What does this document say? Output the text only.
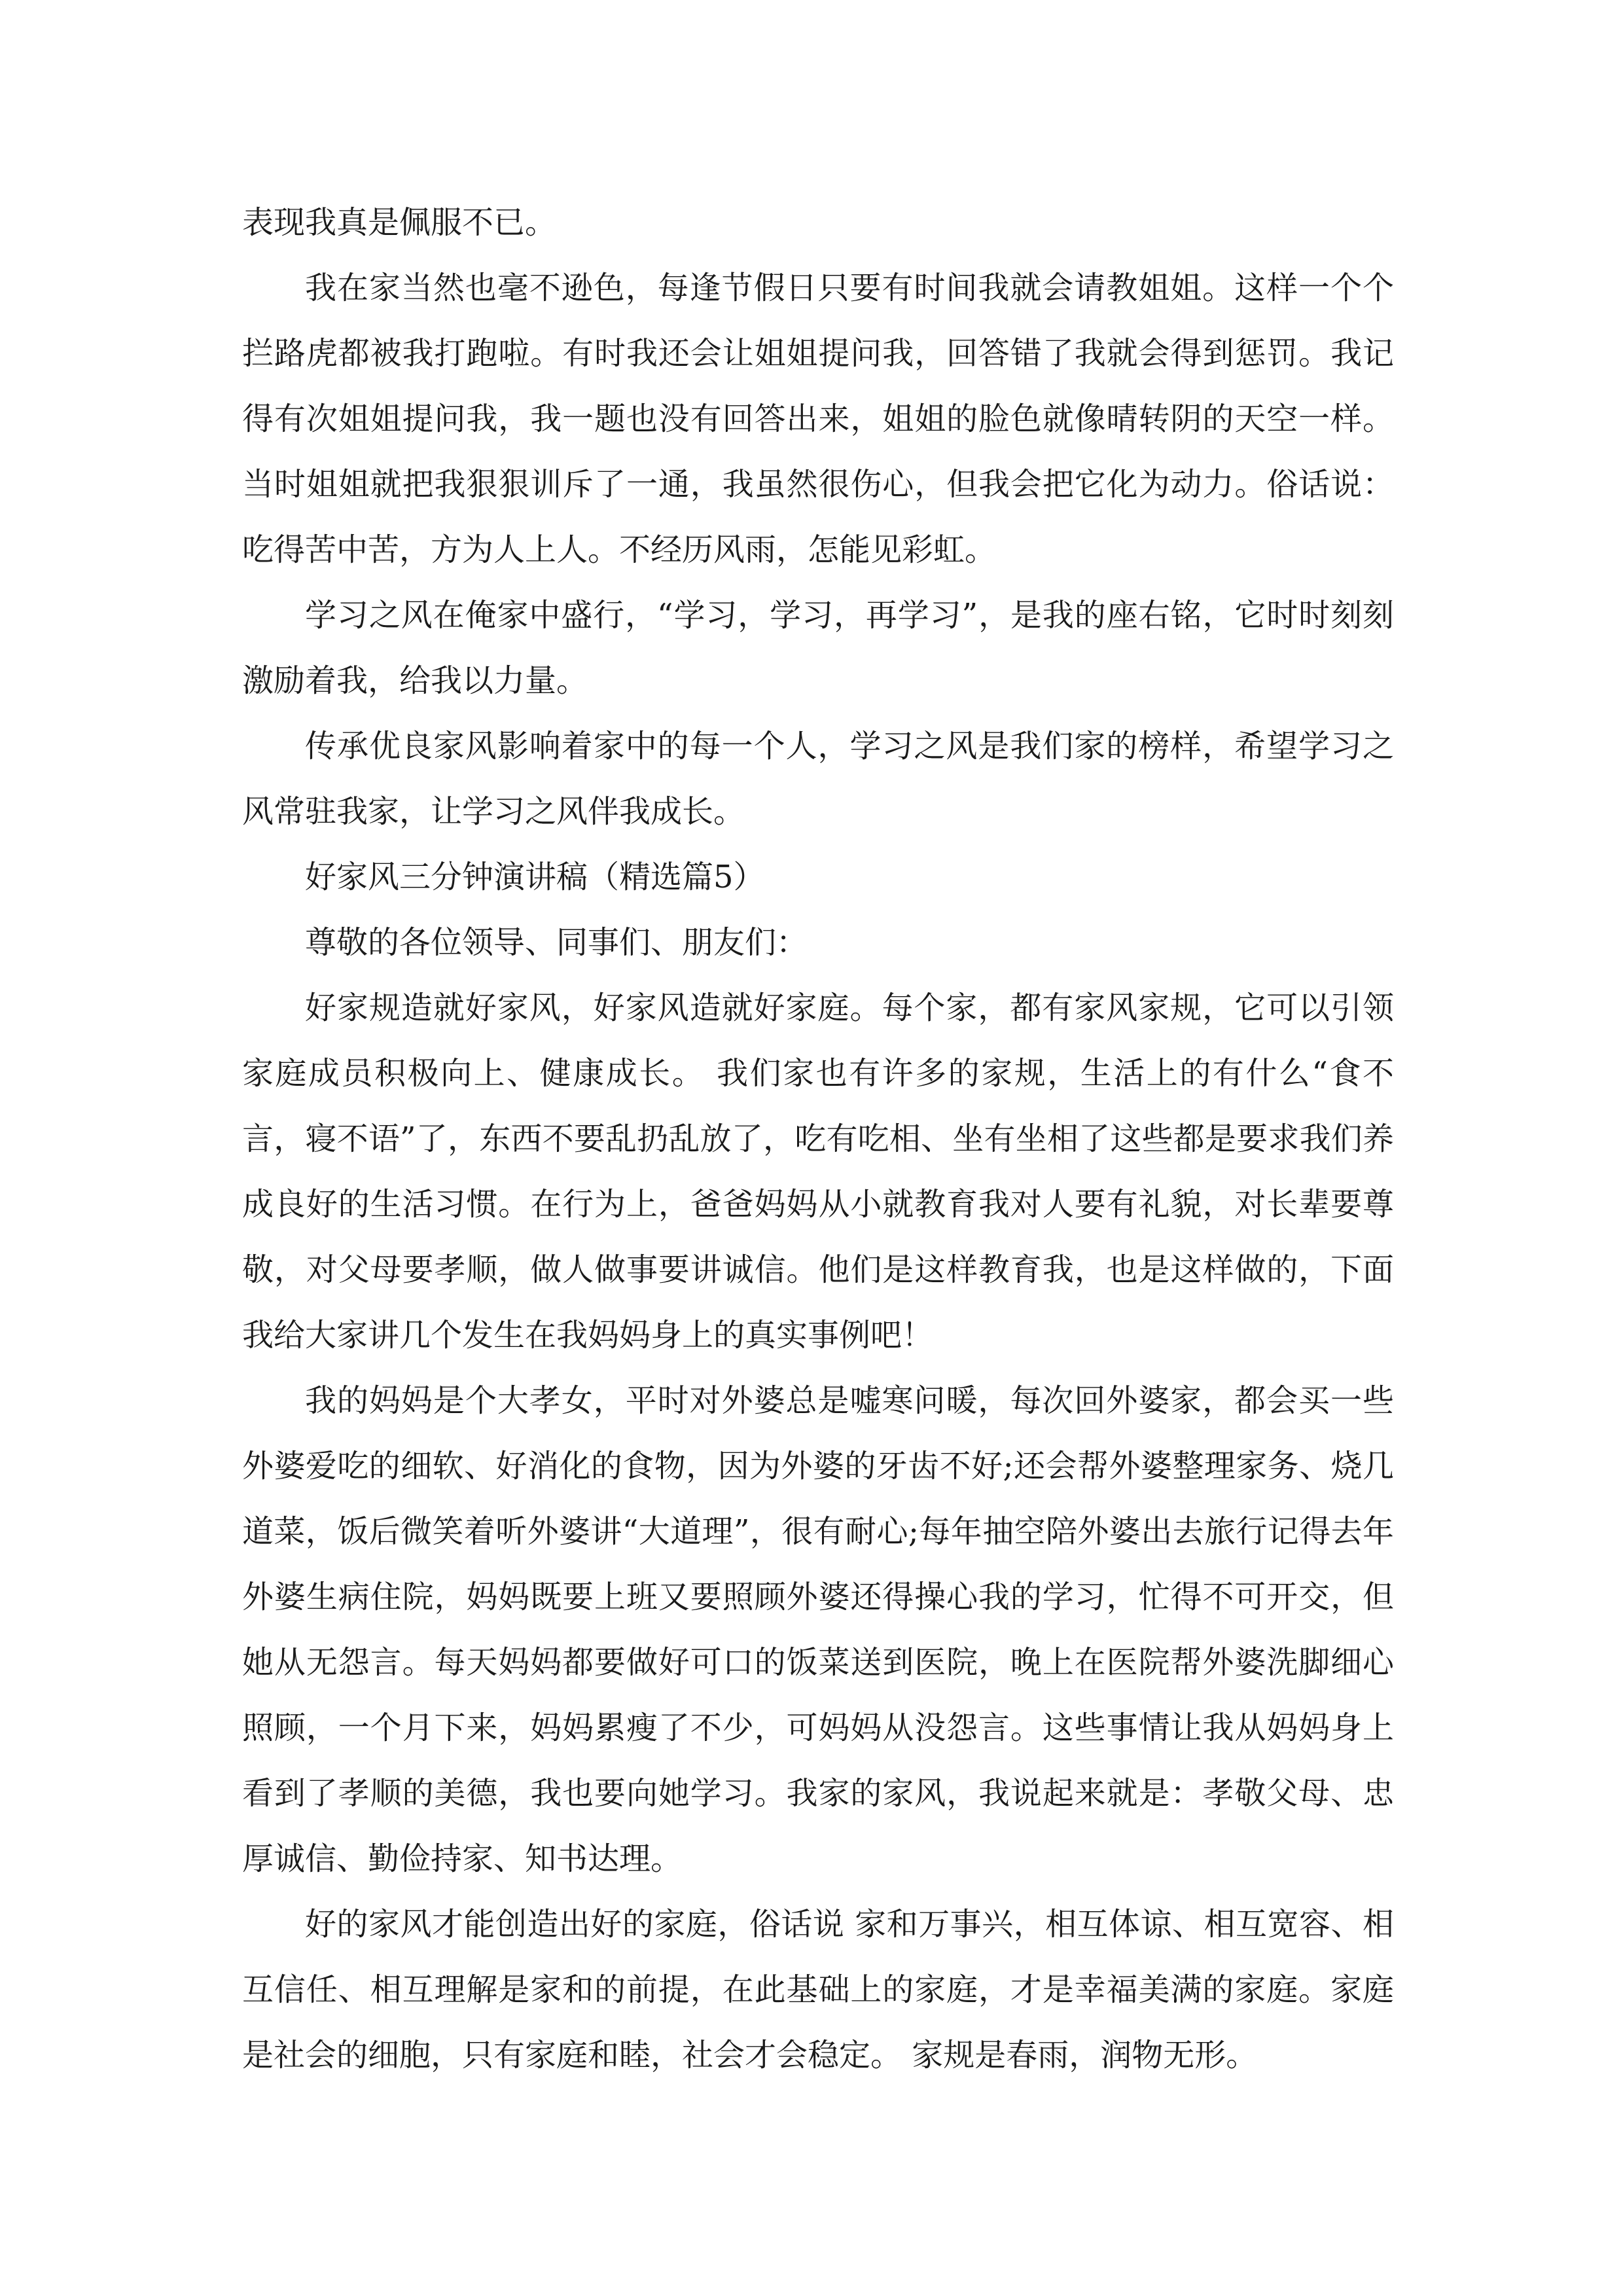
表现我真是佩服不已。

我在家当然也毫不逊色，每逢节假日只要有时间我就会请教姐姐。这样一个个拦路虎都被我打跑啦。有时我还会让姐姐提问我，回答错了我就会得到惩罚。我记得有次姐姐提问我，我一题也没有回答出来，姐姐的脸色就像晴转阴的天空一样。当时姐姐就把我狠狠训斥了一通，我虽然很伤心，但我会把它化为动力。俗话说：吃得苦中苦，方为人上人。不经历风雨，怎能见彩虹。

学习之风在俺家中盛行，“学习，学习，再学习”，是我的座右铭，它时时刻刻激励着我，给我以力量。

传承优良家风影响着家中的每一个人，学习之风是我们家的榜样，希望学习之风常驻我家，让学习之风伴我成长。

好家风三分钟演讲稿（精选篇5）

尊敬的各位领导、同事们、朋友们：

好家规造就好家风，好家风造就好家庭。每个家，都有家风家规，它可以引领家庭成员积极向上、健康成长。 我们家也有许多的家规，生活上的有什么“食不言，寝不语”了，东西不要乱扔乱放了，吃有吃相、坐有坐相了这些都是要求我们养成良好的生活习惯。在行为上，爸爸妈妈从小就教育我对人要有礼貌，对长辈要尊敬，对父母要孝顺，做人做事要讲诚信。他们是这样教育我，也是这样做的，下面我给大家讲几个发生在我妈妈身上的真实事例吧！

我的妈妈是个大孝女，平时对外婆总是嘘寒问暖，每次回外婆家，都会买一些外婆爱吃的细软、好消化的食物，因为外婆的牙齿不好;还会帮外婆整理家务、烧几道菜，饭后微笑着听外婆讲“大道理”，很有耐心;每年抽空陪外婆出去旅行记得去年外婆生病住院，妈妈既要上班又要照顾外婆还得操心我的学习，忙得不可开交，但她从无怨言。每天妈妈都要做好可口的饭菜送到医院，晚上在医院帮外婆洗脚细心照顾，一个月下来，妈妈累瘦了不少，可妈妈从没怨言。这些事情让我从妈妈身上看到了孝顺的美德，我也要向她学习。我家的家风，我说起来就是：孝敬父母、忠厚诚信、勤俭持家、知书达理。

好的家风才能创造出好的家庭，俗话说 家和万事兴，相互体谅、相互宽容、相互信任、相互理解是家和的前提，在此基础上的家庭，才是幸福美满的家庭。家庭是社会的细胞，只有家庭和睦，社会才会稳定。 家规是春雨，润物无形。
